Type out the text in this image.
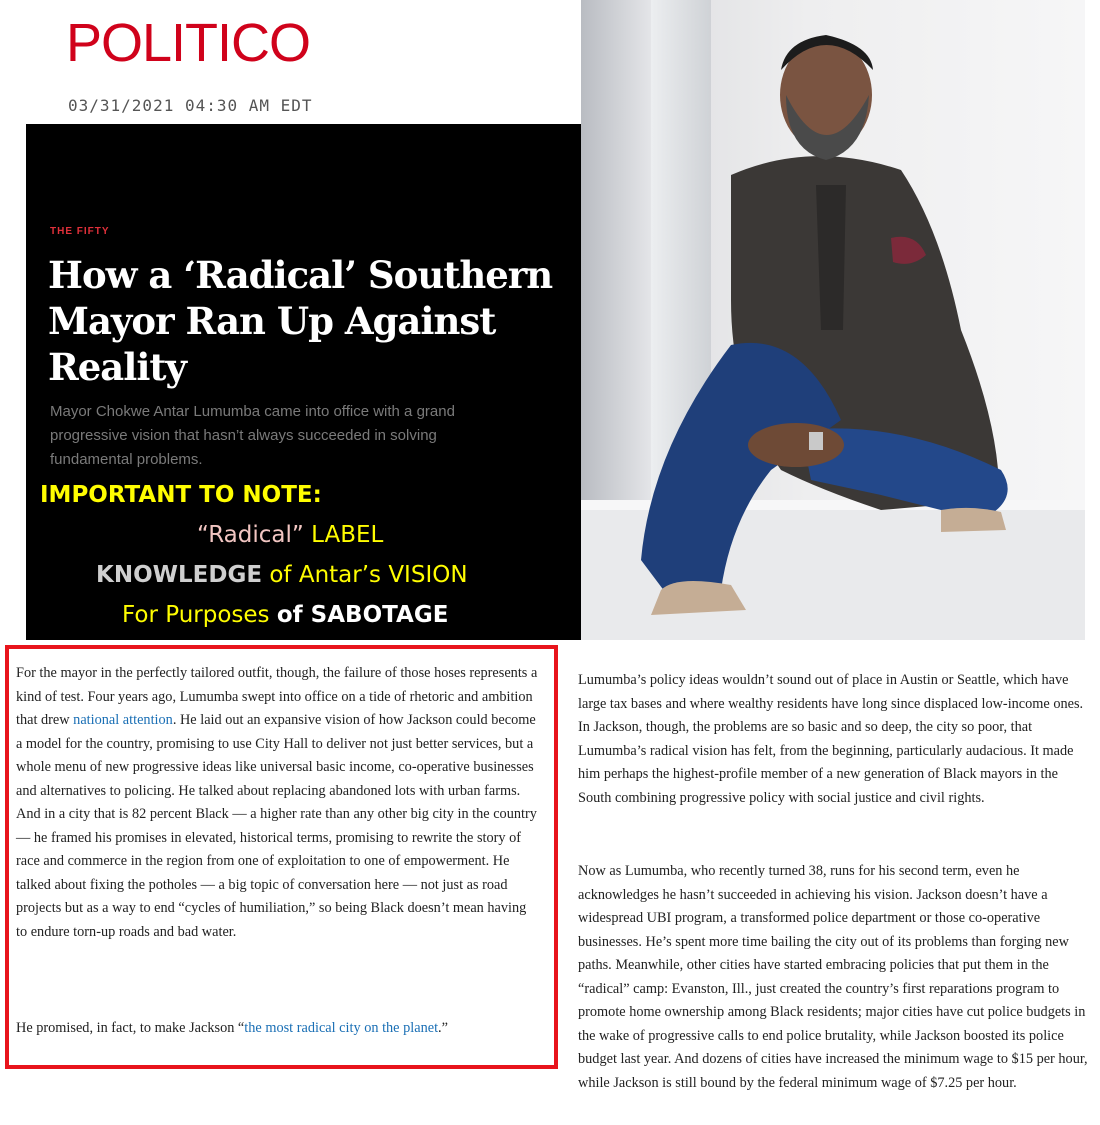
POLITICO
03/31/2021 04:30 AM EDT
THE FIFTY
How a ‘Radical’ Southern Mayor Ran Up Against Reality
Mayor Chokwe Antar Lumumba came into office with a grand progressive vision that hasn’t always succeeded in solving fundamental problems.
IMPORTANT TO NOTE:
“Radical” LABEL
KNOWLEDGE of Antar’s VISION
For Purposes of SABOTAGE
For the mayor in the perfectly tailored outfit, though, the failure of those hoses represents a kind of test. Four years ago, Lumumba swept into office on a tide of rhetoric and ambition that drew national attention. He laid out an expansive vision of how Jackson could become a model for the country, promising to use City Hall to deliver not just better services, but a whole menu of new progressive ideas like universal basic income, co-operative businesses and alternatives to policing. He talked about replacing abandoned lots with urban farms. And in a city that is 82 percent Black — a higher rate than any other big city in the country — he framed his promises in elevated, historical terms, promising to rewrite the story of race and commerce in the region from one of exploitation to one of empowerment. He talked about fixing the potholes — a big topic of conversation here — not just as road projects but as a way to end “cycles of humiliation,” so being Black doesn’t mean having to endure torn-up roads and bad water.
He promised, in fact, to make Jackson “the most radical city on the planet.”
Lumumba’s policy ideas wouldn’t sound out of place in Austin or Seattle, which have large tax bases and where wealthy residents have long since displaced low-income ones. In Jackson, though, the problems are so basic and so deep, the city so poor, that Lumumba’s radical vision has felt, from the beginning, particularly audacious. It made him perhaps the highest-profile member of a new generation of Black mayors in the South combining progressive policy with social justice and civil rights.
Now as Lumumba, who recently turned 38, runs for his second term, even he acknowledges he hasn’t succeeded in achieving his vision. Jackson doesn’t have a widespread UBI program, a transformed police department or those co-operative businesses. He’s spent more time bailing the city out of its problems than forging new paths. Meanwhile, other cities have started embracing policies that put them in the “radical” camp: Evanston, Ill., just created the country’s first reparations program to promote home ownership among Black residents; major cities have cut police budgets in the wake of progressive calls to end police brutality, while Jackson boosted its police budget last year. And dozens of cities have increased the minimum wage to $15 per hour, while Jackson is still bound by the federal minimum wage of $7.25 per hour.
